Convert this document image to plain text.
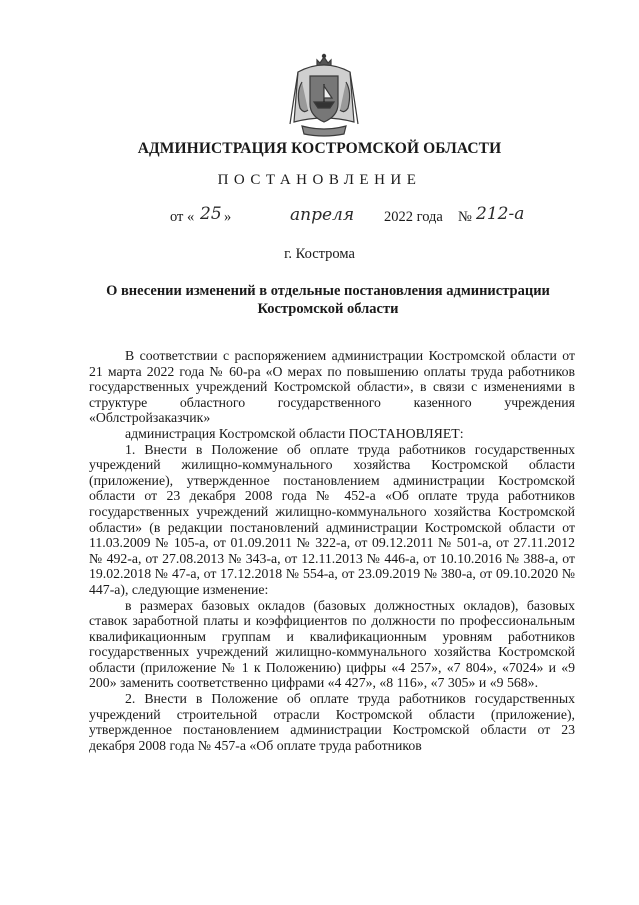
АДМИНИСТРАЦИЯ КОСТРОМСКОЙ ОБЛАСТИ
ПОСТАНОВЛЕНИЕ
от « 25 »	апреля 2022 года № 212-а
г. Кострома
О внесении изменений в отдельные постановления администрации Костромской области

В соответствии с распоряжением администрации Костромской области от 21 марта 2022 года № 60-ра «О мерах по повышению оплаты труда работников государственных учреждений Костромской области», в связи с изменениями в структуре областного государственного казенного учреждения «Облстройзаказчик»

администрация Костромской области ПОСТАНОВЛЯЕТ:

1. Внести в Положение об оплате труда работников государственных учреждений жилищно-коммунального хозяйства Костромской области (приложение), утвержденное постановлением администрации Костромской области от 23 декабря 2008 года № 452-а «Об оплате труда работников государственных учреждений жилищно-коммунального хозяйства Костромской области» (в редакции постановлений администрации Костромской области от 11.03.2009 № 105-а, от 01.09.2011 № 322-а, от 09.12.2011 № 501-а, от 27.11.2012 № 492-а, от 27.08.2013 № 343-а, от 12.11.2013 № 446-а, от 10.10.2016 № 388-а, от 19.02.2018 № 47-а, от 17.12.2018 № 554-а, от 23.09.2019 № 380-а, от 09.10.2020 № 447-а), следующие изменение:

в размерах базовых окладов (базовых должностных окладов), базовых ставок заработной платы и коэффициентов по должности по профессиональным квалификационным группам и квалификационным уровням работников государственных учреждений жилищно-коммунального хозяйства Костромской области (приложение № 1 к Положению) цифры «4 257», «7 804», «7024» и «9 200» заменить соответственно цифрами «4 427», «8 116», «7 305» и «9 568».

2. Внести в Положение об оплате труда работников государственных учреждений строительной отрасли Костромской области (приложение), утвержденное постановлением администрации Костромской области от 23 декабря 2008 года № 457-а «Об оплате труда работников
